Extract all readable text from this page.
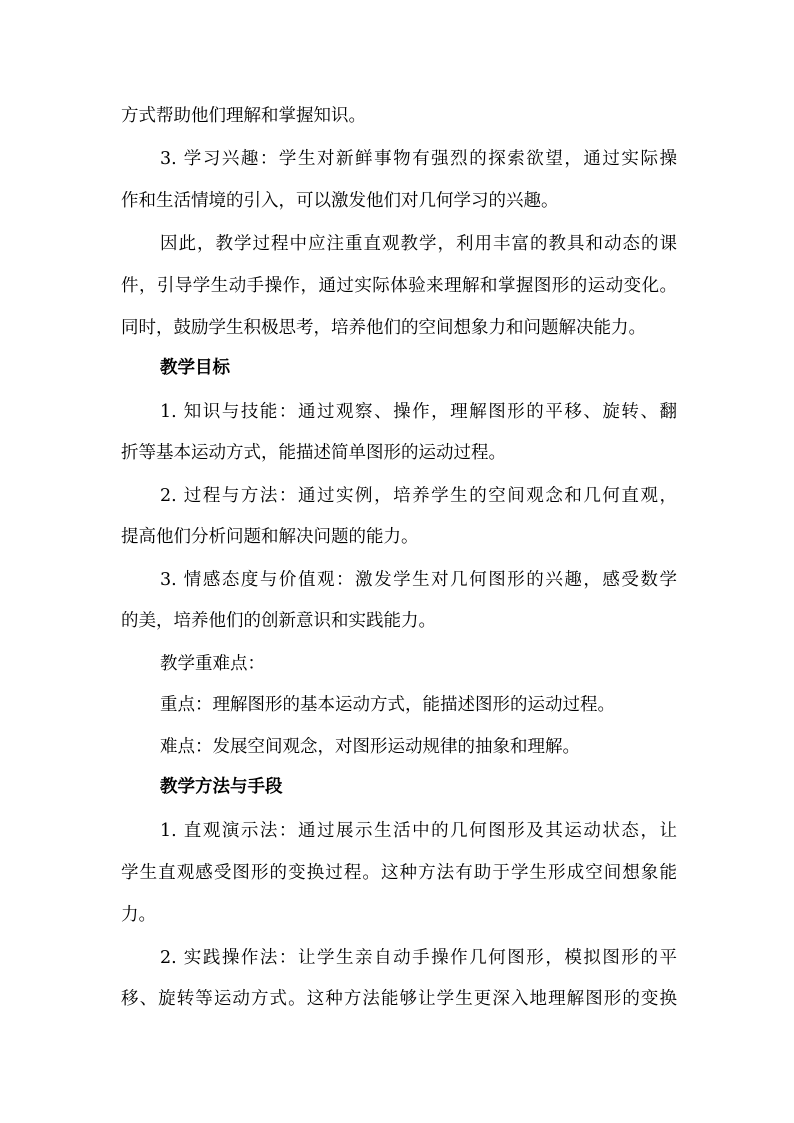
方式帮助他们理解和掌握知识。

3. 学习兴趣：学生对新鲜事物有强烈的探索欲望，通过实际操

作和生活情境的引入，可以激发他们对几何学习的兴趣。

因此，教学过程中应注重直观教学，利用丰富的教具和动态的课

件，引导学生动手操作，通过实际体验来理解和掌握图形的运动变化。

同时，鼓励学生积极思考，培养他们的空间想象力和问题解决能力。

教学目标

1. 知识与技能：通过观察、操作，理解图形的平移、旋转、翻

折等基本运动方式，能描述简单图形的运动过程。

2. 过程与方法：通过实例，培养学生的空间观念和几何直观，

提高他们分析问题和解决问题的能力。

3. 情感态度与价值观：激发学生对几何图形的兴趣，感受数学

的美，培养他们的创新意识和实践能力。

教学重难点：

重点：理解图形的基本运动方式，能描述图形的运动过程。

难点：发展空间观念，对图形运动规律的抽象和理解。

教学方法与手段

1. 直观演示法：通过展示生活中的几何图形及其运动状态，让

学生直观感受图形的变换过程。这种方法有助于学生形成空间想象能

力。

2. 实践操作法：让学生亲自动手操作几何图形，模拟图形的平

移、旋转等运动方式。这种方法能够让学生更深入地理解图形的变换
